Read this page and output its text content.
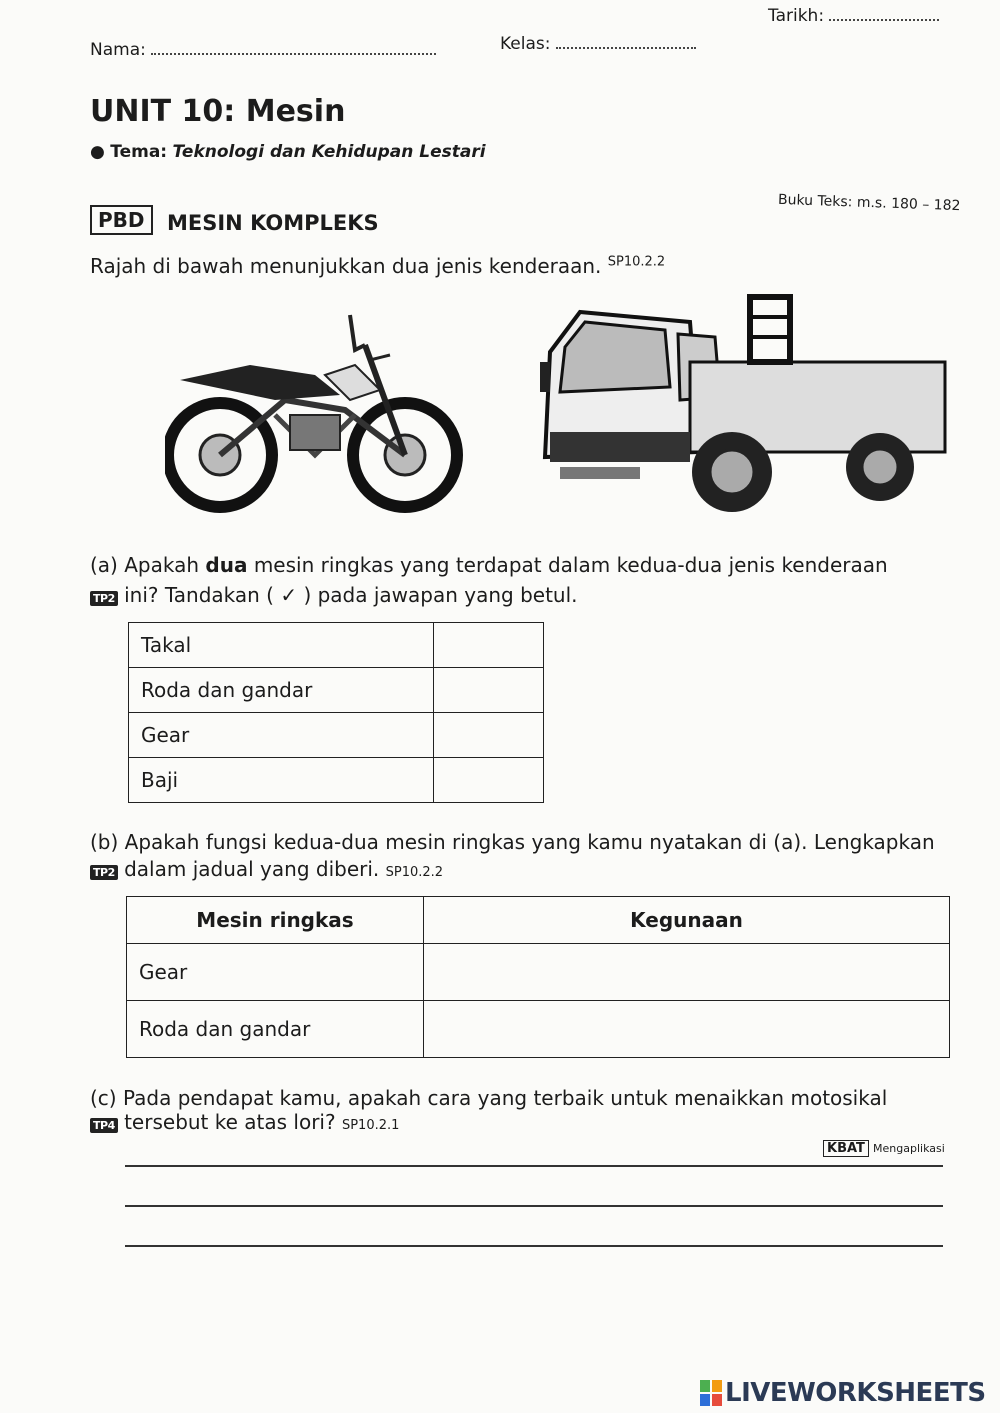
Tarikh:
Nama:	Kelas:
UNIT 10: Mesin
● Tema: Teknologi dan Kehidupan Lestari
PBD	MESIN KOMPLEKS
Buku Teks: m.s. 180 – 182
Rajah di bawah menunjukkan dua jenis kenderaan. $^{SP10.2.2}$
(a) Apakah dua mesin ringkas yang terdapat dalam kedua-dua jenis kenderaan
TP2 ini? Tandakan ( ✓ ) pada jawapan yang betul.
Takal	
Roda dan gandar	
Gear	
Baji	
(b) Apakah fungsi kedua-dua mesin ringkas yang kamu nyatakan di (a). Lengkapkan
TP2 dalam jadual yang diberi. SP10.2.2
Mesin ringkas	Kegunaan
Gear	
Roda dan gandar	
(c) Pada pendapat kamu, apakah cara yang terbaik untuk menaikkan motosikal
TP4 tersebut ke atas lori? SP10.2.1
KBAT Mengaplikasi
LIVEWORKSHEETS
